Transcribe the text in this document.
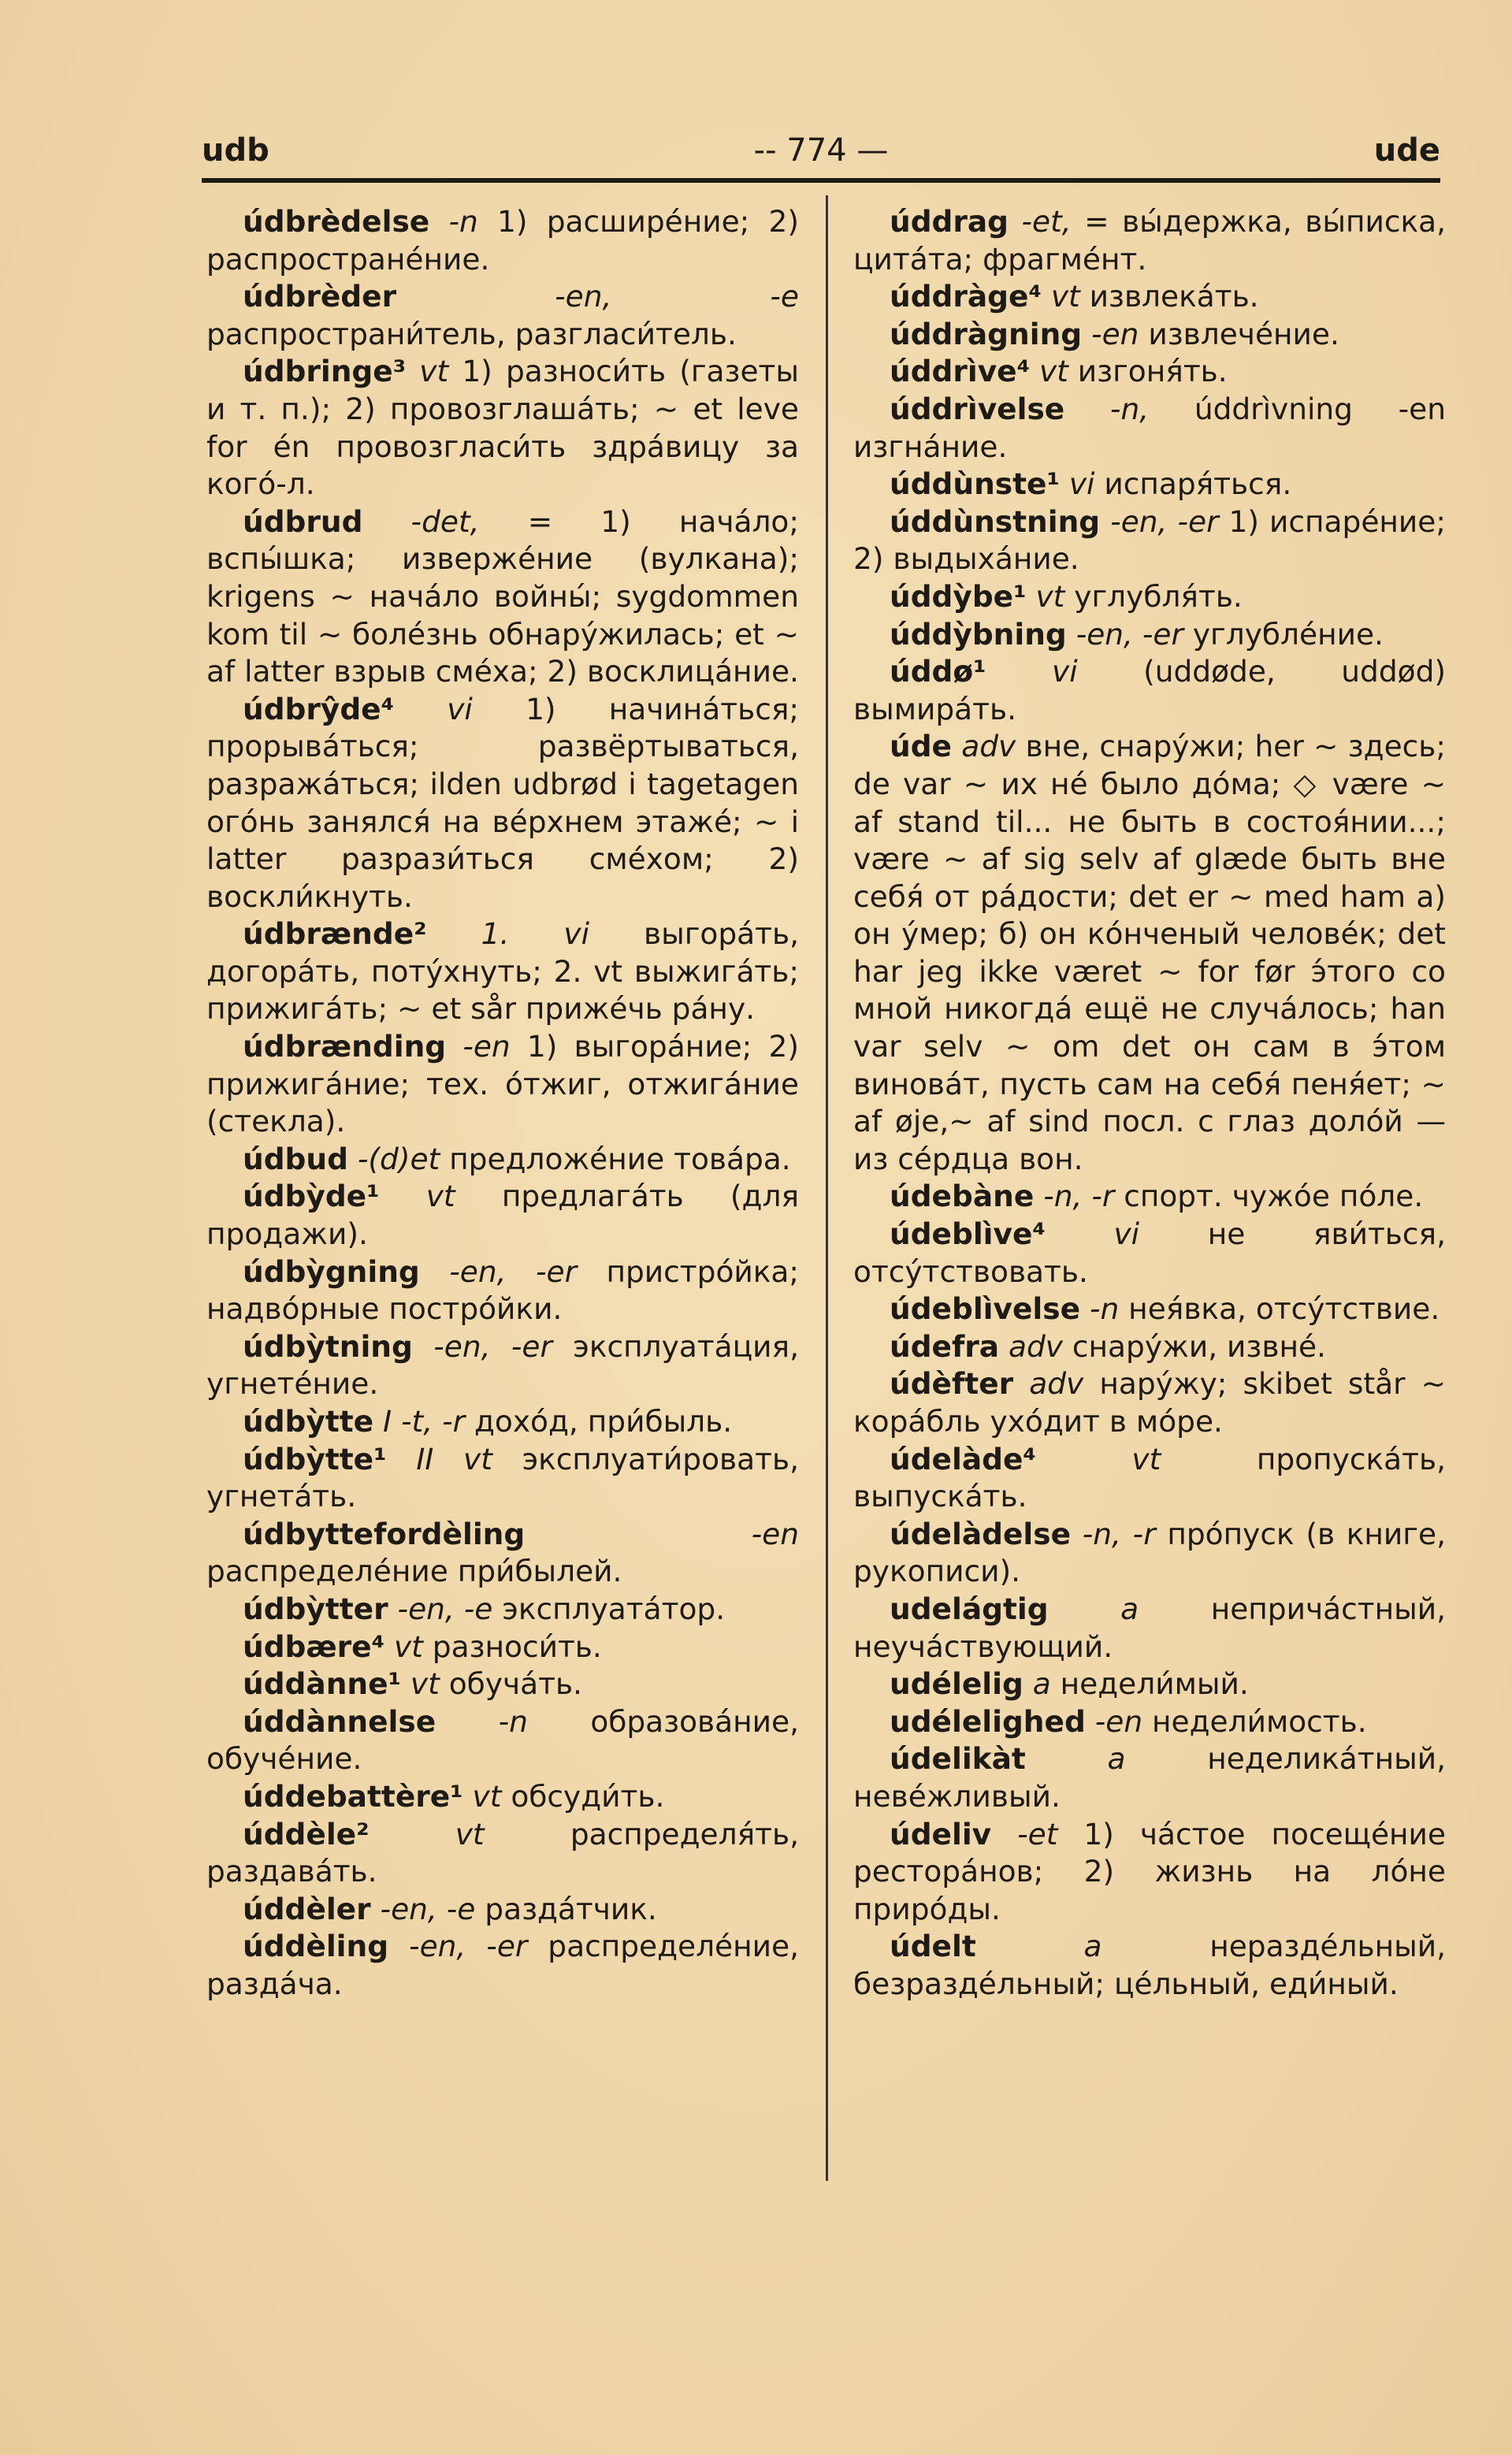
udb	-- 774 —	ude

údbrèdelse -n 1) расшире́ние; 2) распростране́ние.

údbrèder	-en, -e распространи́тель, разглаcи́тель.

údbringe³ vt 1) разноси́ть (газеты и т. п.); 2) провозглаша́ть; ~ et leve for én провозгласи́ть здра́вицу за кого́-л.

údbrud -det, = 1) нача́ло; вспы́шка; изверже́ние (вулкана); krigens ~ нача́ло войны́; sygdommen kom til ~ боле́знь обнару́жилась; et ~ af latter взрыв сме́ха; 2) восклица́ние.

údbrŷde⁴ vi 1) начина́ться; прорыва́ться; развёртываться, разража́ться; ilden udbrød i tagetagen ого́нь занялся́ на ве́рхнем этаже́; ~ i latter разрази́ться сме́хом; 2) воскли́кнуть.

údbrænde² 1. vi выгора́ть, догора́ть, поту́хнуть; 2. vt выжига́ть; прижига́ть; ~ et sår прижéчь ра́ну.

údbrænding -en 1) выгора́ние; 2) прижига́ние; тех. о́тжиг, отжига́ние (стекла).

údbud -(d)et предложе́ние това́ра.

údbỳde¹ vt предлага́ть (для продажи).

údbỳgning -en, -er пристро́йка; надво́рные постро́йки.

údbỳtning -en, -er эксплуата́ция, угнете́ние.

údbỳtte I -t, -r дохо́д, при́быль.

údbỳtte¹ II vt эксплуати́ровать, угнета́ть.

údbyttefordèling	-en распределе́ние при́былей.

údbỳtter -en, -e эксплуата́тор.

údbære⁴ vt разноси́ть.

úddànne¹ vt обуча́ть.

úddànnelse -n образова́ние, обуче́ние.

úddebattère¹ vt обсуди́ть.

úddèle²	vt	распределя́ть, раздава́ть.

úddèler -en, -e разда́тчик.

úddèling -en, -er распределе́ние, разда́ча.

úddrag -et, = вы́держка, вы́писка, цита́та; фрагме́нт.

úddràge⁴ vt извлека́ть.

úddràgning -en извлече́ние.

úddrìve⁴ vt изгоня́ть.

úddrìvelse -n, úddrìvning -en изгна́ние.

úddùnste¹ vi испаря́ться.

úddùnstning -en, -er 1) испаре́ние; 2) выдыха́ние.

úddỳbe¹ vt углубля́ть.

úddỳbning -en, -er углубле́ние.

úddø¹ vi (uddøde, uddød) вымира́ть.

úde adv вне, снару́жи; her ~ здесь; de var ~ их не́ было до́ма; ◇ være ~ af stand til... не быть в состоя́нии...; være ~ af sig selv af glæde быть вне себя́ от ра́дости; det er ~ med ham а) он у́мер; б) он ко́нченый челове́к; det har jeg ikke været ~ for før э́того со мной никогда́ ещё не случа́лось; han var selv ~ om det он сам в э́том винова́т, пусть сам на себя́ пеня́ет; ~ af øje,~ af sind посл. с глаз доло́й — из се́рдца вон.

údebàne -n, -r спорт. чужо́е по́ле.

údeblìve⁴ vi не яви́ться, отсу́тствовать.

údeblìvelse -n нея́вка, отсу́тствие.

údefra adv снару́жи, извне́.

údèfter adv нару́жу; skibet står ~ кора́бль ухо́дит в мо́ре.

údelàde⁴	vt	пропуска́ть, выпуска́ть.

údelàdelse -n, -r про́пуск (в книге, рукописи).

udelágtig a неприча́стный, неуча́ствующий.

udélelig a недели́мый.

udéleligh​ed -en недели́мость.

údelikàt	a	неделика́тный, неве́жливый.

údeliv -et 1) ча́стое посеще́ние рестора́нов; 2) жизнь на ло́не приро́ды.

údelt	a	нераздéльный, безраздéльный; цéльный, еди́ный.
